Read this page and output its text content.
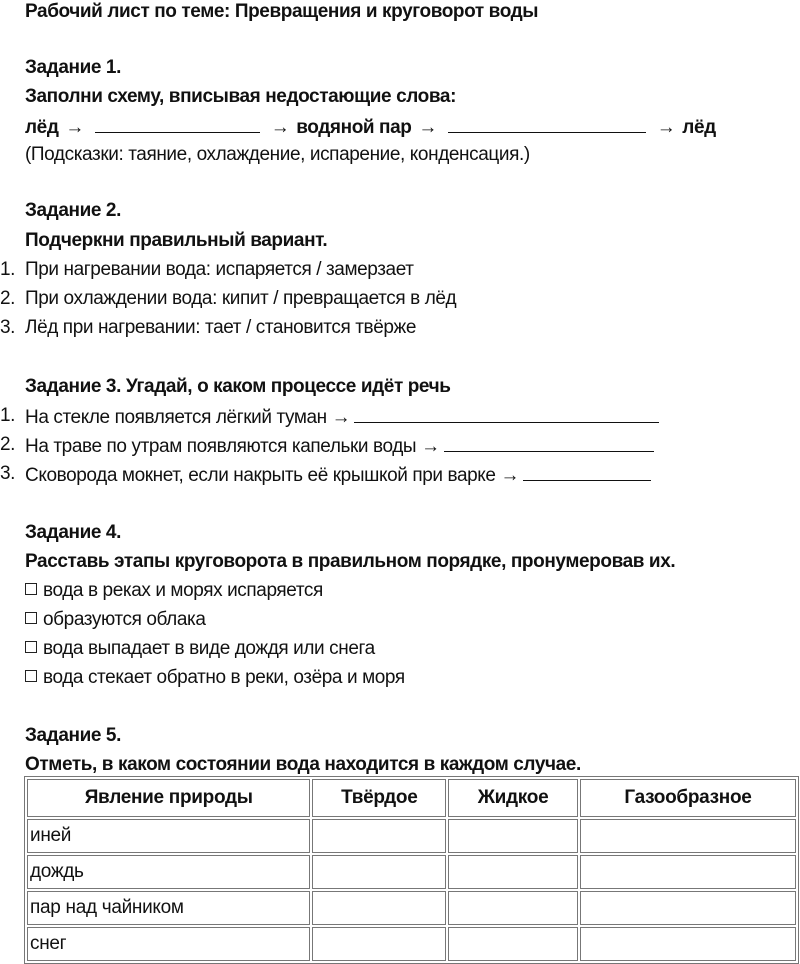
Рабочий лист по теме: Превращения и круговорот воды
Задание 1.
Заполни схему, вписывая недостающие слова:
лёд →	→ водяной пар →	→ лёд
(Подсказки: таяние, охлаждение, испарение, конденсация.)
Задание 2.
Подчеркни правильный вариант.
1. При нагревании вода: испаряется / замерзает
2. При охлаждении вода: кипит / превращается в лёд
3. Лёд при нагревании: тает / становится твёрже
Задание 3. Угадай, о каком процессе идёт речь
1. На стекле появляется лёгкий туман →
2. На траве по утрам появляются капельки воды →
3. Сковорода мокнет, если накрыть её крышкой при варке →
Задание 4.
Расставь этапы круговорота в правильном порядке, пронумеровав их.
вода в реках и морях испаряется
образуются облака
вода выпадает в виде дождя или снега
вода стекает обратно в реки, озёра и моря
Задание 5.
Отметь, в каком состоянии вода находится в каждом случае.
Явление природы	Твёрдое	Жидкое	Газообразное
иней			
дождь			
пар над чайником			
снег			
